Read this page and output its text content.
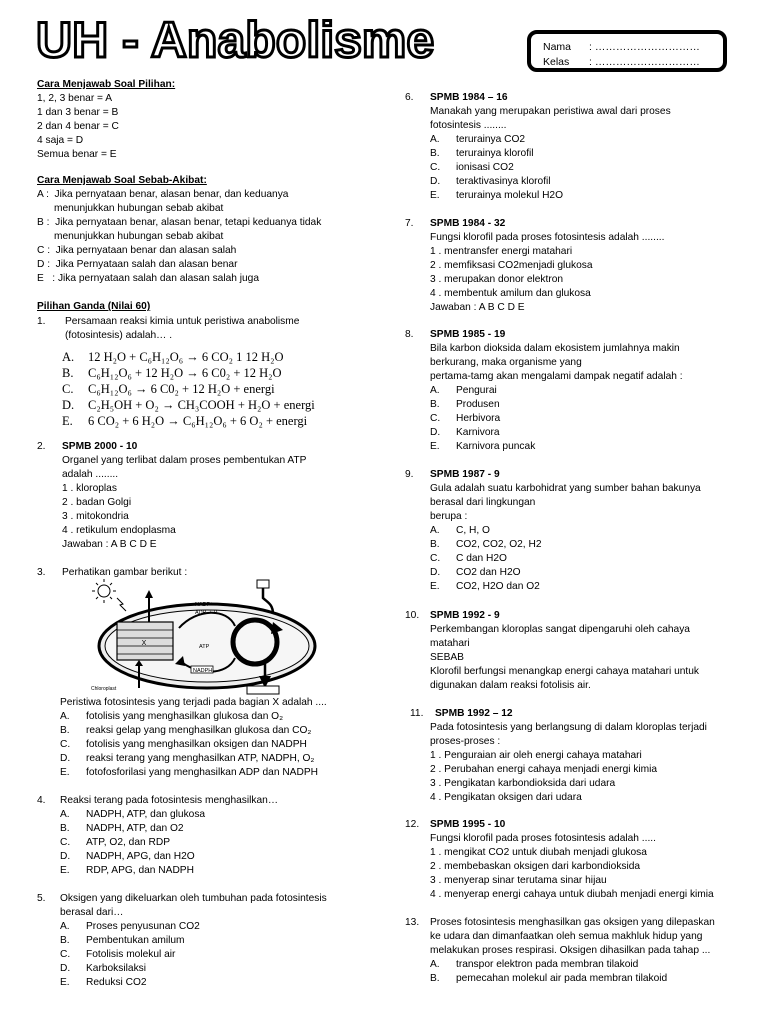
UH - Anabolisme	Nama	: …………………………
Kelas	: …………………………
Cara Menjawab Soal Pilihan:
1, 2, 3 benar = A
1 dan 3 benar = B
2 dan 4 benar = C
4 saja = D
Semua benar = E
Cara Menjawab Soal Sebab-Akibat:
A :  Jika pernyataan benar, alasan benar, dan keduanya
menunjukkan hubungan sebab akibat
B :  Jika pernyataan benar, alasan benar, tetapi keduanya tidak
menunjukkan hubungan sebab akibat
C :  Jika pernyataan benar dan alasan salah
D :  Jika Pernyataan salah dan alasan benar
E   : Jika pernyataan salah dan alasan salah juga
Pilihan Ganda (Nilai 60)
1. Persamaan reaksi kimia untuk peristiwa anabolisme
(fotosintesis) adalah… .
A.	12 H₂O + C₆H₁₂O₆ → 6 CO₂ 1 12 H₂O
B.	C₆H₁₂O₆ + 12 H₂O → 6 C0₂ + 12 H₂O
C.	C₆H₁₂O₆ → 6 C0₂ + 12 H₂O + energi
D.	C₂H₅OH + O₂ → CH₃COOH + H₂O + energi
E.	6 CO₂ + 6 H₂O → C₆H₁₂O₆ + 6 O₂ + energi
2. SPMB 2000 - 10
Organel yang terlibat dalam proses pembentukan ATP
adalah ........
1 . kloroplas
2 . badan Golgi
3 . mitokondria
4 . retikulum endoplasma
Jawaban : A B C D E
3. Perhatikan gambar berikut :
X
NADP⁺
ADP + P
ATP
NADPH
Chloroplast
Peristiwa fotosintesis yang terjadi pada bagian X adalah ....
A.	fotolisis yang menghasilkan glukosa dan O₂
B.	reaksi gelap yang menghasilkan glukosa dan CO₂
C.	fotolisis yang menghasilkan oksigen dan NADPH
D.	reaksi terang yang menghasilkan ATP, NADPH, O₂
E.	fotofosforilasi yang menghasilkan ADP dan NADPH
4. Reaksi terang pada fotosintesis menghasilkan…
A.	NADPH, ATP, dan glukosa
B.	NADPH, ATP, dan O2
C.	ATP, O2, dan RDP
D.	NADPH, APG, dan H2O
E.	RDP, APG, dan NADPH
5. Oksigen yang dikeluarkan oleh tumbuhan pada fotosintesis
berasal dari…
A.	Proses penyusunan CO2
B.	Pembentukan amilum
C.	Fotolisis molekul air
D.	Karboksilaksi
E.	Reduksi CO2
6. SPMB 1984 – 16
Manakah yang merupakan peristiwa awal dari proses
fotosintesis ........
A.	terurainya CO2
B.	terurainya klorofil
C.	ionisasi CO2
D.	teraktivasinya klorofil
E.	terurainya molekul H2O
7. SPMB 1984 - 32
Fungsi klorofil pada proses fotosintesis adalah ........
1 . mentransfer energi matahari
2 . memfiksasi CO2menjadi glukosa
3 . merupakan donor elektron
4 . membentuk amilum dan glukosa
Jawaban : A B C D E
8. SPMB 1985 - 19
Bila karbon dioksida dalam ekosistem jumlahnya makin
berkurang, maka organisme yang
pertama-tamg akan mengalami dampak negatif adalah :
A.	Pengurai
B.	Produsen
C.	Herbivora
D.	Karnivora
E.	Karnivora puncak
9. SPMB 1987 - 9
Gula adalah suatu karbohidrat yang sumber bahan bakunya
berasal dari lingkungan
berupa :
A.	C, H, O
B.	CO2, CO2, O2, H2
C.	C dan H2O
D.	CO2 dan H2O
E.	CO2, H2O dan O2
10. SPMB 1992 - 9
Perkembangan kloroplas sangat dipengaruhi oleh cahaya
matahari
SEBAB
Klorofil berfungsi menangkap energi cahaya matahari untuk
digunakan dalam reaksi fotolisis air.
11. SPMB 1992 – 12
Pada fotosintesis yang berlangsung di dalam kloroplas terjadi
proses-proses :
1 . Penguraian air oleh energi cahaya matahari
2 . Perubahan energi cahaya menjadi energi kimia
3 . Pengikatan karbondioksida dari udara
4 . Pengikatan oksigen dari udara
12. SPMB 1995 - 10
Fungsi klorofil pada proses fotosintesis adalah .....
1 . mengikat CO2 untuk diubah menjadi glukosa
2 . membebaskan oksigen dari karbondioksida
3 . menyerap sinar terutama sinar hijau
4 . menyerap energi cahaya untuk diubah menjadi energi kimia
13. Proses fotosintesis menghasilkan gas oksigen yang dilepaskan
ke udara dan dimanfaatkan oleh semua makhluk hidup yang
melakukan proses respirasi. Oksigen dihasilkan pada tahap ...
A.	transpor elektron pada membran tilakoid
B.	pemecahan molekul air pada membran tilakoid
